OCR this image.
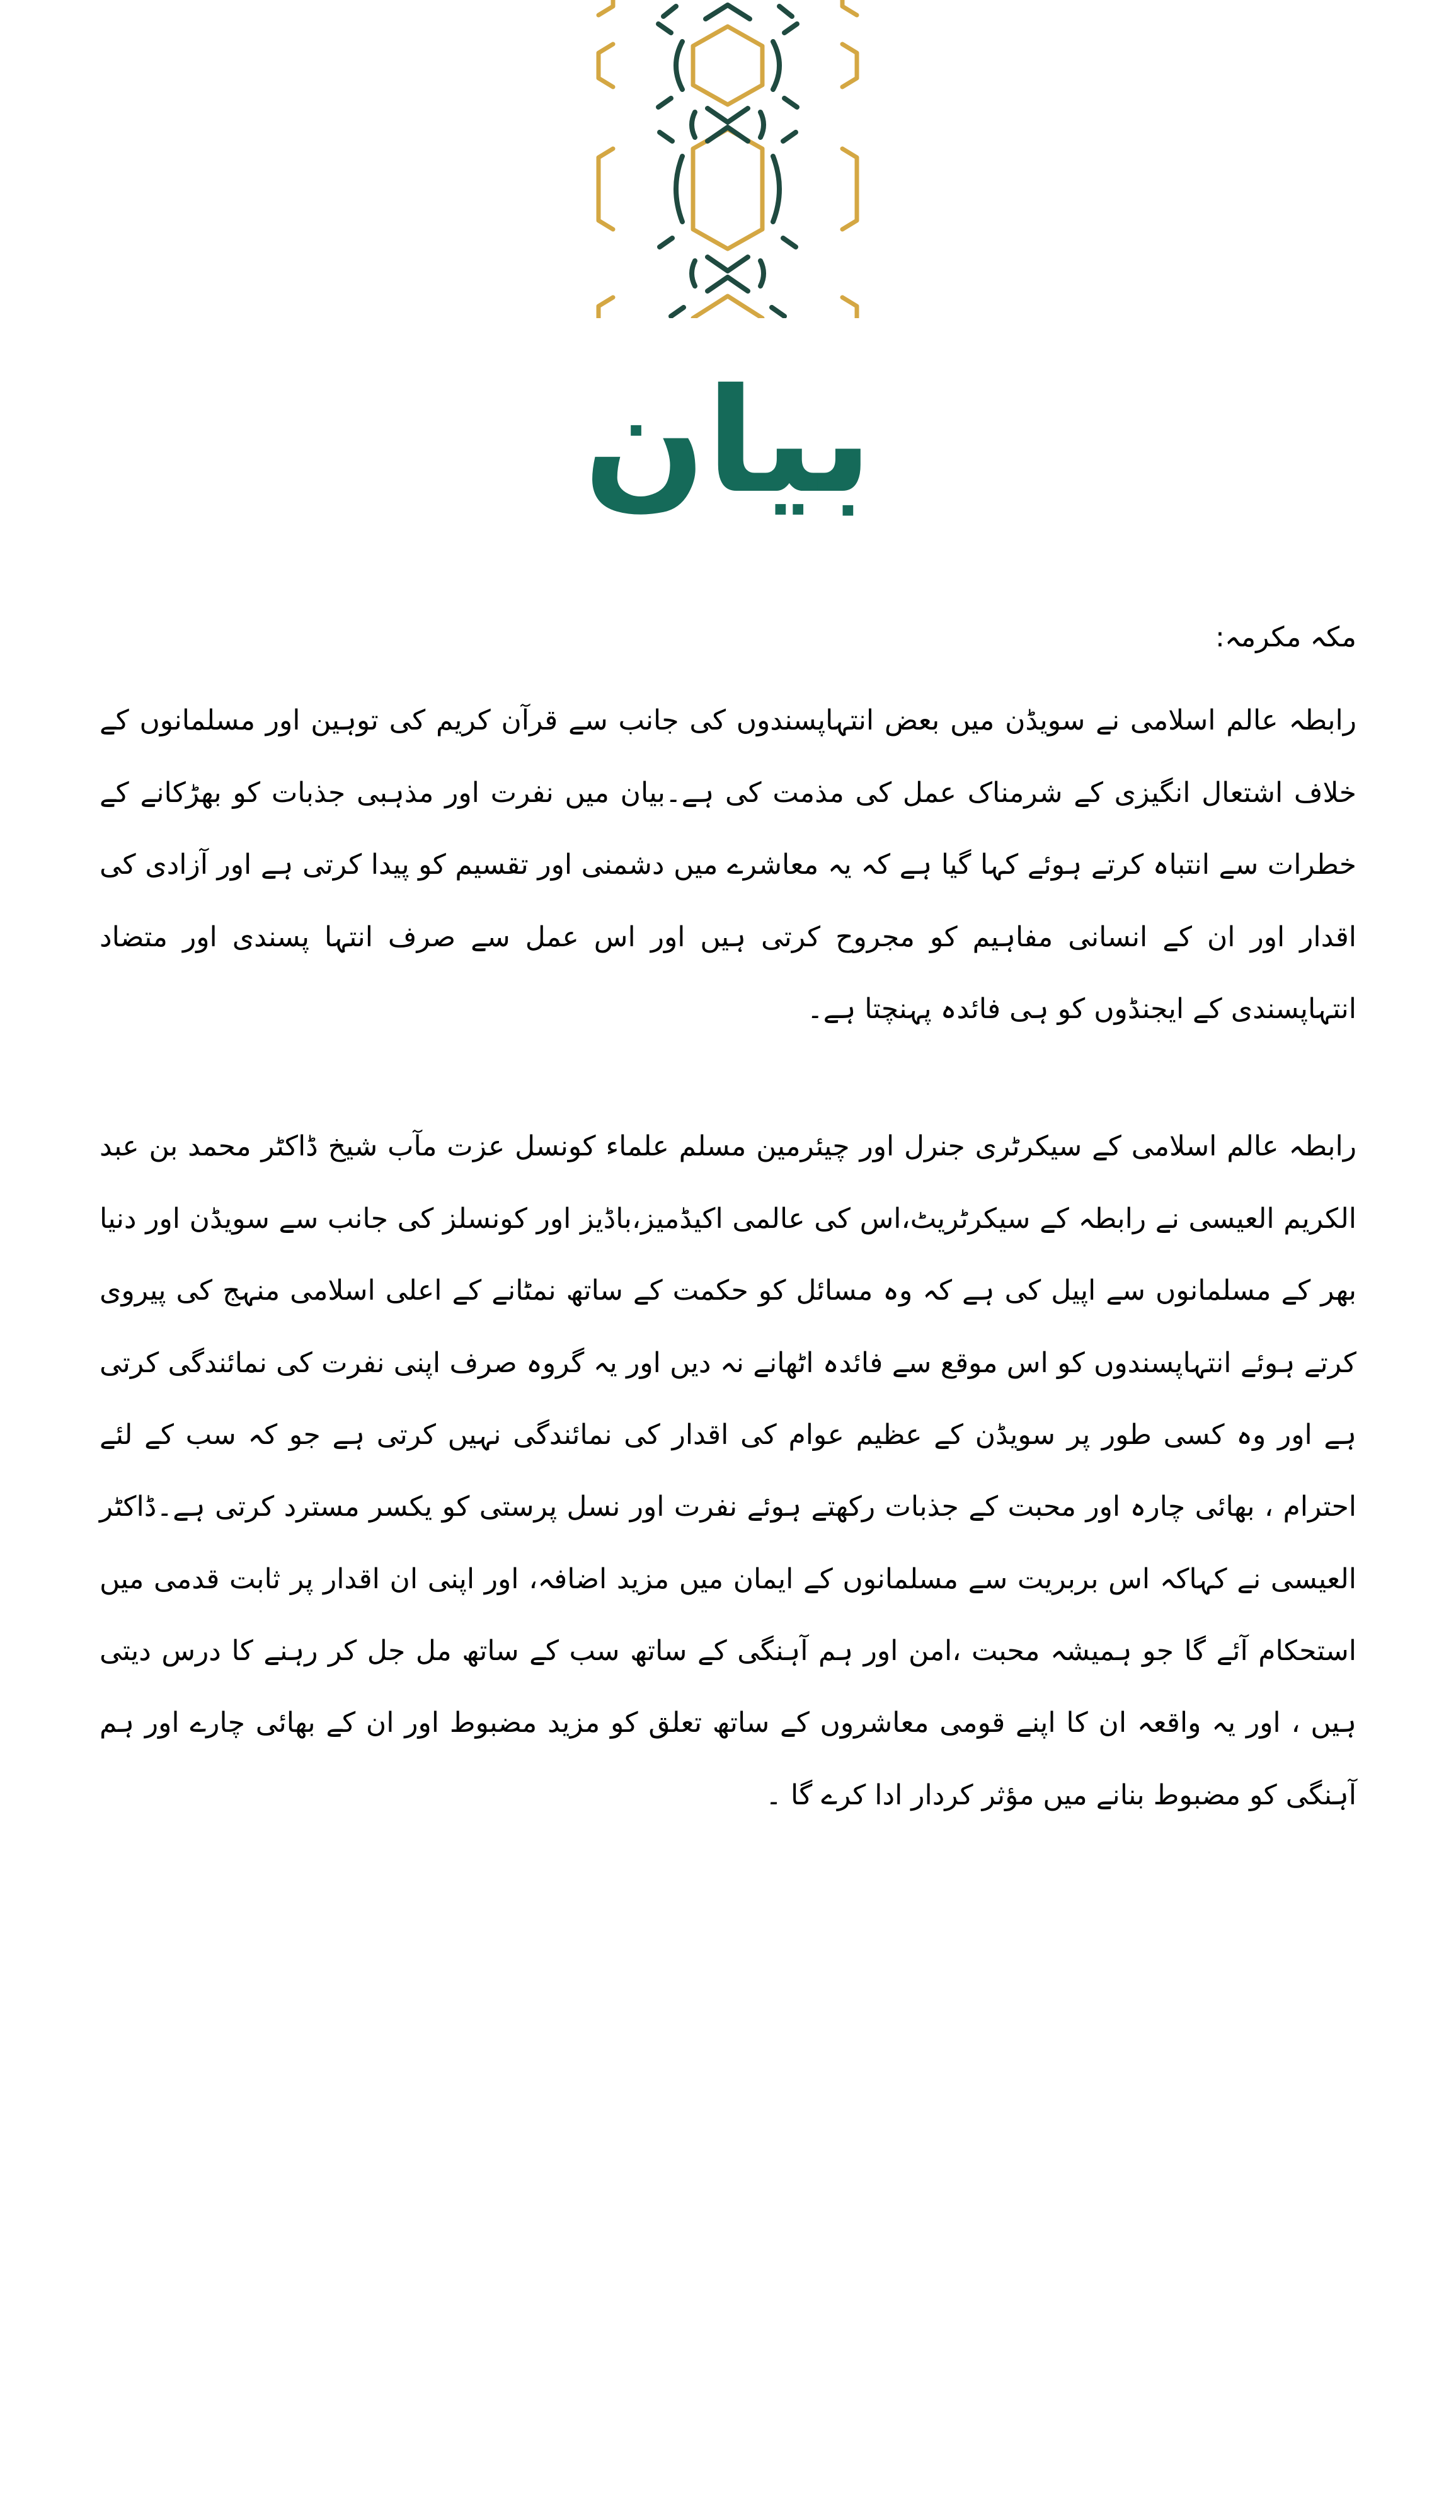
بیان

مکہ مکرمہ:

رابطہ عالم اسلامی نے سویڈن میں بعض انتہاپسندوں کی جانب سے قرآن کریم کی توہین اور مسلمانوں کے خلاف اشتعال انگیزی کے شرمناک عمل کی مذمت کی ہے۔بیان میں نفرت اور مذہبی جذبات کو بھڑکانے کے خطرات سے انتباہ کرتے ہوئے کہا گیا ہے کہ یہ معاشرے میں دشمنی اور تقسیم کو پیدا کرتی ہے اور آزادی کی اقدار اور ان کے انسانی مفاہیم کو مجروح کرتی ہیں اور اس عمل سے صرف انتہا پسندی اور متضاد انتہاپسندی کے ایجنڈوں کو ہی فائدہ پہنچتا ہے۔

رابطہ عالم اسلامی کے سیکرٹری جنرل اور چیئرمین مسلم علماء کونسل عزت مآب شیخ ڈاکٹر محمد بن عبد الکریم العیسی نے رابطہ کے سیکرٹریٹ،اس کی عالمی اکیڈمیز،باڈیز اور کونسلز کی جانب سے سویڈن اور دنیا بھر کے مسلمانوں سے اپیل کی ہے کہ وہ مسائل کو حکمت کے ساتھ نمٹانے کے اعلی اسلامی منہج کی پیروی کرتے ہوئے انتہاپسندوں کو اس موقع سے فائدہ اٹھانے نہ دیں اور یہ گروہ صرف اپنی نفرت کی نمائندگی کرتی ہے اور وہ کسی طور پر سویڈن کے عظیم عوام کی اقدار کی نمائندگی نہیں کرتی ہے جو کہ سب کے لئے احترام ، بھائی چارہ اور محبت کے جذبات رکھتے ہوئے نفرت اور نسل پرستی کو یکسر مسترد کرتی ہے۔ڈاکٹر العیسی نے کہاکہ اس بربریت سے مسلمانوں کے ایمان میں مزید اضافہ، اور اپنی ان اقدار پر ثابت قدمی میں استحکام آئے گا جو ہمیشہ محبت ،امن اور ہم آہنگی کے ساتھ سب کے ساتھ مل جل کر رہنے کا درس دیتی ہیں ، اور یہ واقعہ ان کا اپنے قومی معاشروں کے ساتھ تعلق کو مزید مضبوط اور ان کے بھائی چارے اور ہم آہنگی کو مضبوط بنانے میں مؤثر کردار ادا کرے گا ۔
